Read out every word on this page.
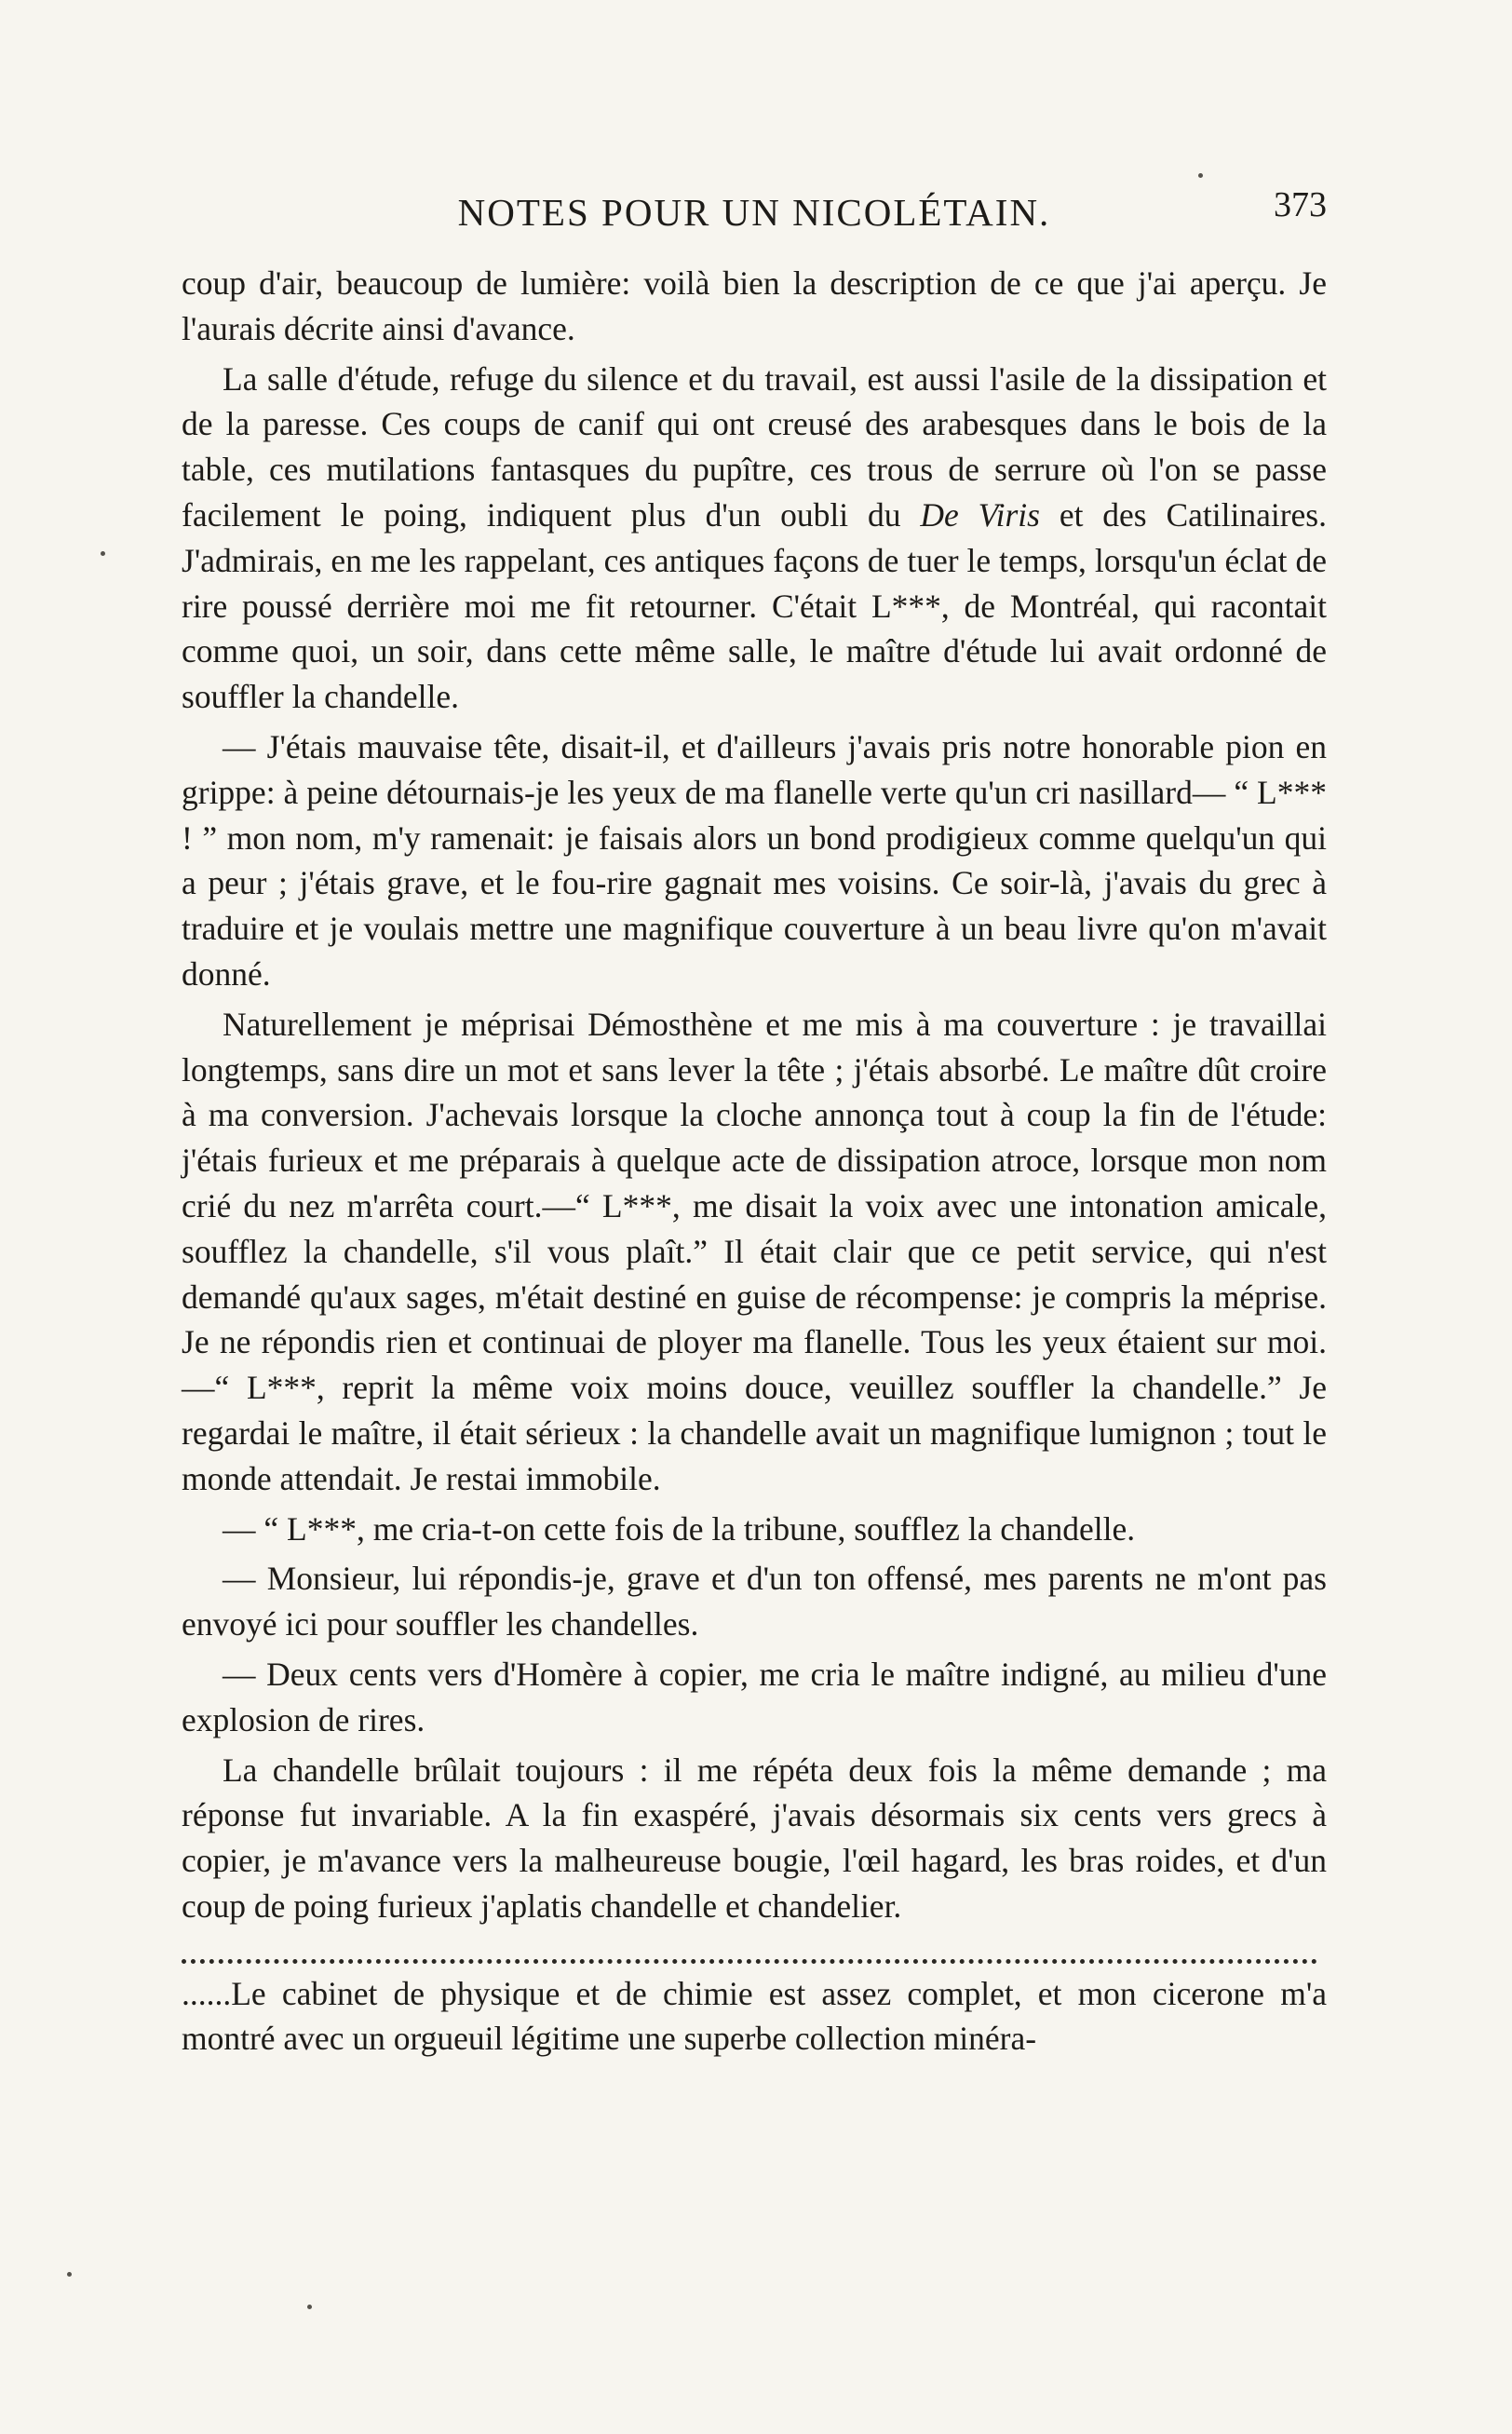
NOTES POUR UN NICOLÉTAIN.	373

coup d'air, beaucoup de lumière: voilà bien la description de ce que j'ai aperçu. Je l'aurais décrite ainsi d'avance.

La salle d'étude, refuge du silence et du travail, est aussi l'asile de la dissipation et de la paresse. Ces coups de canif qui ont creusé des arabesques dans le bois de la table, ces mutilations fantasques du pupître, ces trous de serrure où l'on se passe facilement le poing, indiquent plus d'un oubli du De Viris et des Catilinaires. J'admirais, en me les rappelant, ces antiques façons de tuer le temps, lorsqu'un éclat de rire poussé derrière moi me fit retourner. C'était L***, de Montréal, qui racontait comme quoi, un soir, dans cette même salle, le maître d'étude lui avait ordonné de souffler la chandelle.

— J'étais mauvaise tête, disait-il, et d'ailleurs j'avais pris notre honorable pion en grippe: à peine détournais-je les yeux de ma flanelle verte qu'un cri nasillard— “ L*** ! ” mon nom, m'y ramenait: je faisais alors un bond prodigieux comme quelqu'un qui a peur ; j'étais grave, et le fou-rire gagnait mes voisins. Ce soir-là, j'avais du grec à traduire et je voulais mettre une magnifique couverture à un beau livre qu'on m'avait donné.

Naturellement je méprisai Démosthène et me mis à ma couverture : je travaillai longtemps, sans dire un mot et sans lever la tête ; j'étais absorbé. Le maître dût croire à ma conversion. J'achevais lorsque la cloche annonça tout à coup la fin de l'étude: j'étais furieux et me préparais à quelque acte de dissipation atroce, lorsque mon nom crié du nez m'arrêta court.—“ L***, me disait la voix avec une intonation amicale, soufflez la chandelle, s'il vous plaît.” Il était clair que ce petit service, qui n'est demandé qu'aux sages, m'était destiné en guise de récompense: je compris la méprise. Je ne répondis rien et continuai de ployer ma flanelle. Tous les yeux étaient sur moi.—“ L***, reprit la même voix moins douce, veuillez souffler la chandelle.” Je regardai le maître, il était sérieux : la chandelle avait un magnifique lumignon ; tout le monde attendait. Je restai immobile.

— “ L***, me cria-t-on cette fois de la tribune, soufflez la chandelle.

— Monsieur, lui répondis-je, grave et d'un ton offensé, mes parents ne m'ont pas envoyé ici pour souffler les chandelles.

— Deux cents vers d'Homère à copier, me cria le maître indigné, au milieu d'une explosion de rires.

La chandelle brûlait toujours : il me répéta deux fois la même demande ; ma réponse fut invariable. A la fin exaspéré, j'avais désormais six cents vers grecs à copier, je m'avance vers la malheureuse bougie, l'œil hagard, les bras roides, et d'un coup de poing furieux j'aplatis chandelle et chandelier.

......Le cabinet de physique et de chimie est assez complet, et mon cicerone m'a montré avec un orgueuil légitime une superbe collection minéra-
